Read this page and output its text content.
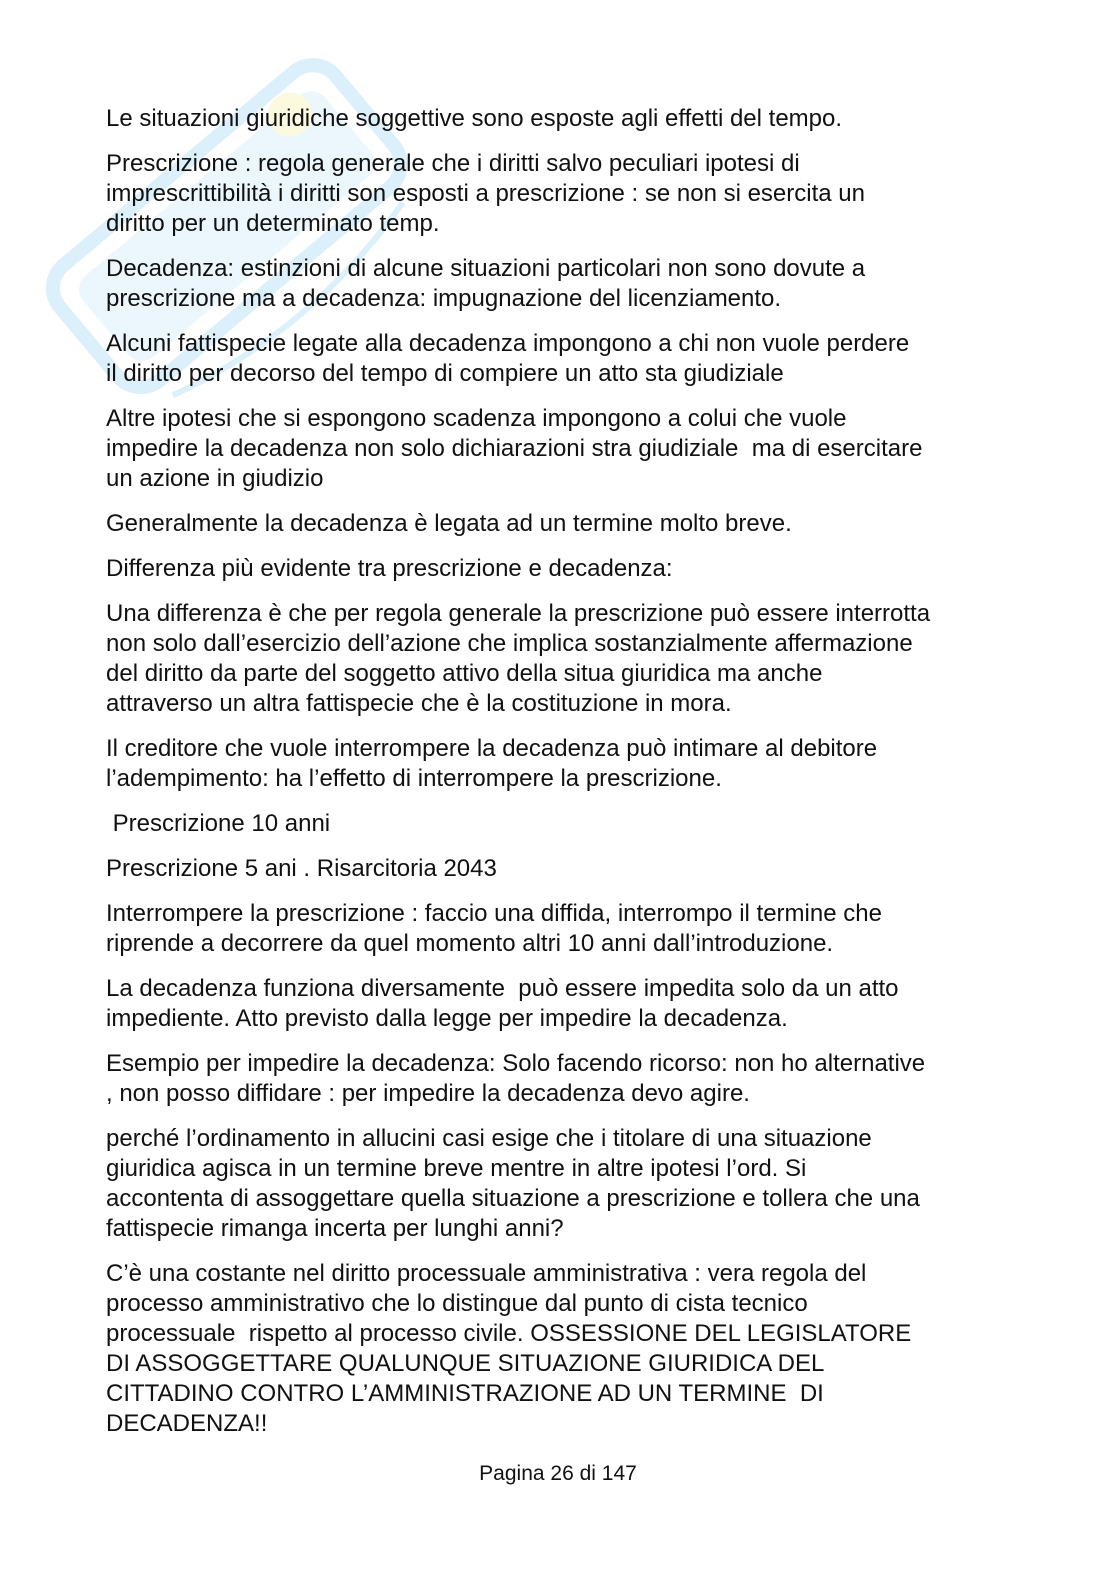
Le situazioni giuridiche soggettive sono esposte agli effetti del tempo.

Prescrizione : regola generale che i diritti salvo peculiari ipotesi di
imprescrittibilità i diritti son esposti a prescrizione : se non si esercita un
diritto per un determinato temp.

Decadenza: estinzioni di alcune situazioni particolari non sono dovute a
prescrizione ma a decadenza: impugnazione del licenziamento.

Alcuni fattispecie legate alla decadenza impongono a chi non vuole perdere
il diritto per decorso del tempo di compiere un atto sta giudiziale

Altre ipotesi che si espongono scadenza impongono a colui che vuole
impedire la decadenza non solo dichiarazioni stra giudiziale  ma di esercitare
un azione in giudizio

Generalmente la decadenza è legata ad un termine molto breve.

Differenza più evidente tra prescrizione e decadenza:

Una differenza è che per regola generale la prescrizione può essere interrotta
non solo dall’esercizio dell’azione che implica sostanzialmente affermazione
del diritto da parte del soggetto attivo della situa giuridica ma anche
attraverso un altra fattispecie che è la costituzione in mora.

Il creditore che vuole interrompere la decadenza può intimare al debitore
l’adempimento: ha l’effetto di interrompere la prescrizione.

Prescrizione 10 anni

Prescrizione 5 ani . Risarcitoria 2043

Interrompere la prescrizione : faccio una diffida, interrompo il termine che
riprende a decorrere da quel momento altri 10 anni dall’introduzione.

La decadenza funziona diversamente  può essere impedita solo da un atto
impediente. Atto previsto dalla legge per impedire la decadenza.

Esempio per impedire la decadenza: Solo facendo ricorso: non ho alternative
, non posso diffidare : per impedire la decadenza devo agire.

perché l’ordinamento in allucini casi esige che i titolare di una situazione
giuridica agisca in un termine breve mentre in altre ipotesi l’ord. Si
accontenta di assoggettare quella situazione a prescrizione e tollera che una
fattispecie rimanga incerta per lunghi anni?

C’è una costante nel diritto processuale amministrativa : vera regola del
processo amministrativo che lo distingue dal punto di cista tecnico
processuale  rispetto al processo civile. OSSESSIONE DEL LEGISLATORE
DI ASSOGGETTARE QUALUNQUE SITUAZIONE GIURIDICA DEL
CITTADINO CONTRO L’AMMINISTRAZIONE AD UN TERMINE  DI
DECADENZA!!

Pagina 26 di 147
